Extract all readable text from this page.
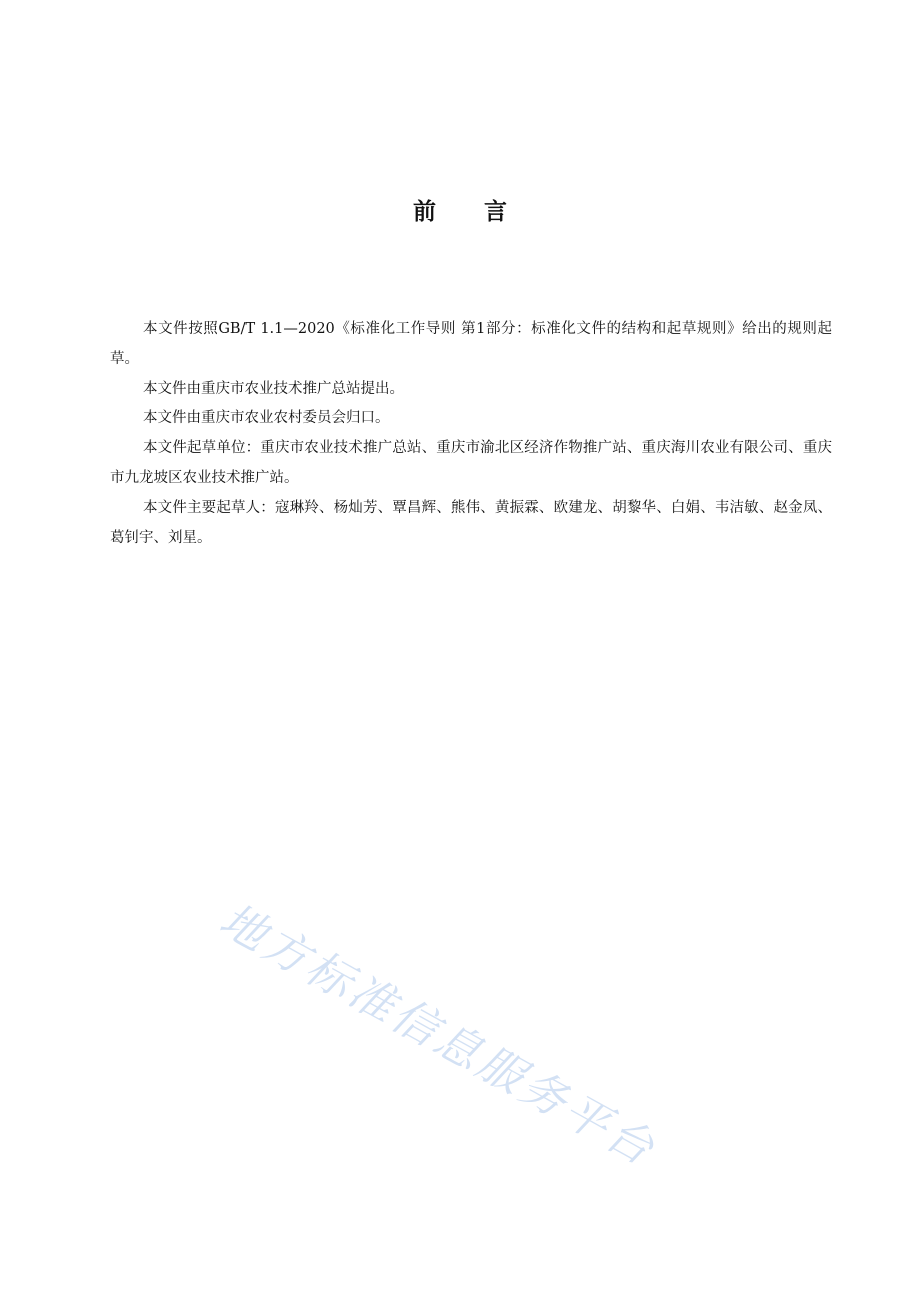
前言

本文件按照GB/T 1.1—2020《标准化工作导则 第1部分：标准化文件的结构和起草规则》给出的规则起草。

本文件由重庆市农业技术推广总站提出。

本文件由重庆市农业农村委员会归口。

本文件起草单位：重庆市农业技术推广总站、重庆市渝北区经济作物推广站、重庆海川农业有限公司、重庆市九龙坡区农业技术推广站。

本文件主要起草人：寇琳羚、杨灿芳、覃昌辉、熊伟、黄振霖、欧建龙、胡黎华、白娟、韦洁敏、赵金凤、葛钊宇、刘星。

地方标准信息服务平台
